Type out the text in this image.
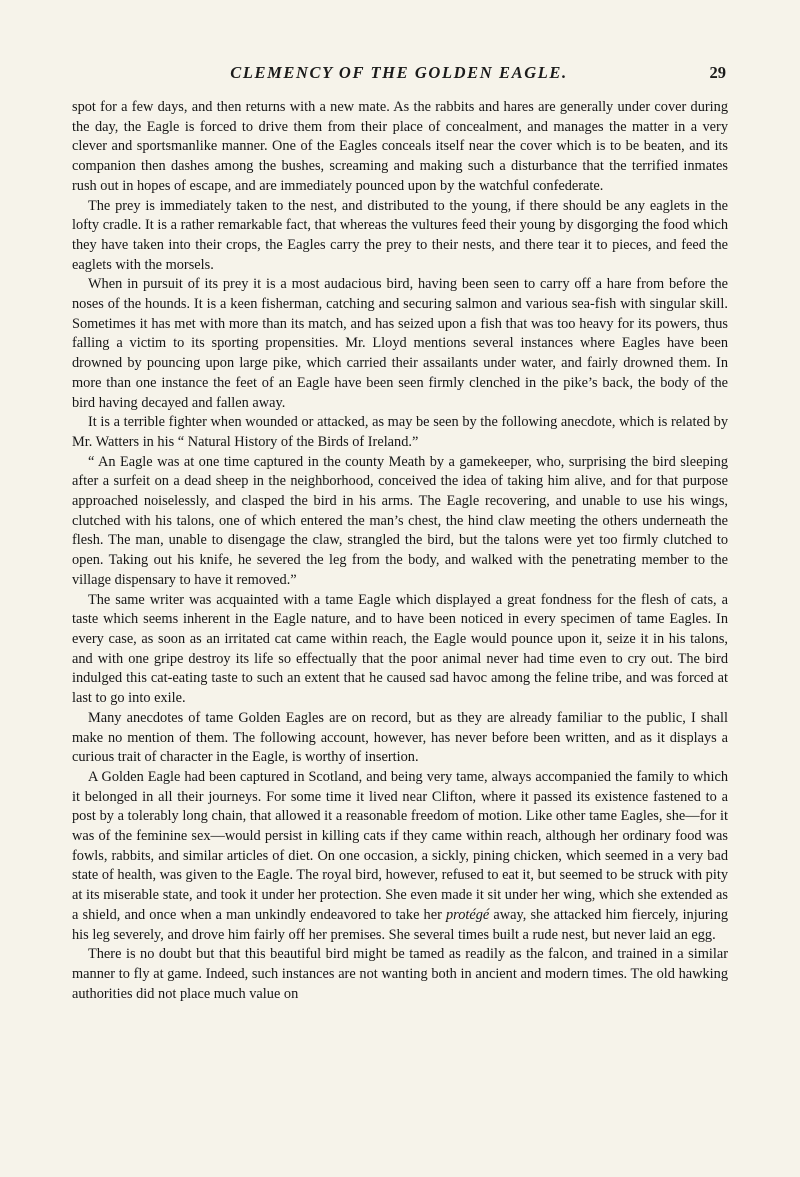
CLEMENCY OF THE GOLDEN EAGLE.	29

spot for a few days, and then returns with a new mate. As the rabbits and hares are generally under cover during the day, the Eagle is forced to drive them from their place of concealment, and manages the matter in a very clever and sportsmanlike manner. One of the Eagles conceals itself near the cover which is to be beaten, and its companion then dashes among the bushes, screaming and making such a disturbance that the terrified inmates rush out in hopes of escape, and are immediately pounced upon by the watchful confederate.

The prey is immediately taken to the nest, and distributed to the young, if there should be any eaglets in the lofty cradle. It is a rather remarkable fact, that whereas the vultures feed their young by disgorging the food which they have taken into their crops, the Eagles carry the prey to their nests, and there tear it to pieces, and feed the eaglets with the morsels.

When in pursuit of its prey it is a most audacious bird, having been seen to carry off a hare from before the noses of the hounds. It is a keen fisherman, catching and securing salmon and various sea-fish with singular skill. Sometimes it has met with more than its match, and has seized upon a fish that was too heavy for its powers, thus falling a victim to its sporting propensities. Mr. Lloyd mentions several instances where Eagles have been drowned by pouncing upon large pike, which carried their assailants under water, and fairly drowned them. In more than one instance the feet of an Eagle have been seen firmly clenched in the pike’s back, the body of the bird having decayed and fallen away.

It is a terrible fighter when wounded or attacked, as may be seen by the following anecdote, which is related by Mr. Watters in his “ Natural History of the Birds of Ireland.”

“ An Eagle was at one time captured in the county Meath by a gamekeeper, who, surprising the bird sleeping after a surfeit on a dead sheep in the neighborhood, conceived the idea of taking him alive, and for that purpose approached noiselessly, and clasped the bird in his arms. The Eagle recovering, and unable to use his wings, clutched with his talons, one of which entered the man’s chest, the hind claw meeting the others underneath the flesh. The man, unable to disengage the claw, strangled the bird, but the talons were yet too firmly clutched to open. Taking out his knife, he severed the leg from the body, and walked with the penetrating member to the village dispensary to have it removed.”

The same writer was acquainted with a tame Eagle which displayed a great fondness for the flesh of cats, a taste which seems inherent in the Eagle nature, and to have been noticed in every specimen of tame Eagles. In every case, as soon as an irritated cat came within reach, the Eagle would pounce upon it, seize it in his talons, and with one gripe destroy its life so effectually that the poor animal never had time even to cry out. The bird indulged this cat-eating taste to such an extent that he caused sad havoc among the feline tribe, and was forced at last to go into exile.

Many anecdotes of tame Golden Eagles are on record, but as they are already familiar to the public, I shall make no mention of them. The following account, however, has never before been written, and as it displays a curious trait of character in the Eagle, is worthy of insertion.

A Golden Eagle had been captured in Scotland, and being very tame, always accompanied the family to which it belonged in all their journeys. For some time it lived near Clifton, where it passed its existence fastened to a post by a tolerably long chain, that allowed it a reasonable freedom of motion. Like other tame Eagles, she—for it was of the feminine sex—would persist in killing cats if they came within reach, although her ordinary food was fowls, rabbits, and similar articles of diet. On one occasion, a sickly, pining chicken, which seemed in a very bad state of health, was given to the Eagle. The royal bird, however, refused to eat it, but seemed to be struck with pity at its miserable state, and took it under her protection. She even made it sit under her wing, which she extended as a shield, and once when a man unkindly endeavored to take her protégé away, she attacked him fiercely, injuring his leg severely, and drove him fairly off her premises. She several times built a rude nest, but never laid an egg.

There is no doubt but that this beautiful bird might be tamed as readily as the falcon, and trained in a similar manner to fly at game. Indeed, such instances are not wanting both in ancient and modern times. The old hawking authorities did not place much value on
